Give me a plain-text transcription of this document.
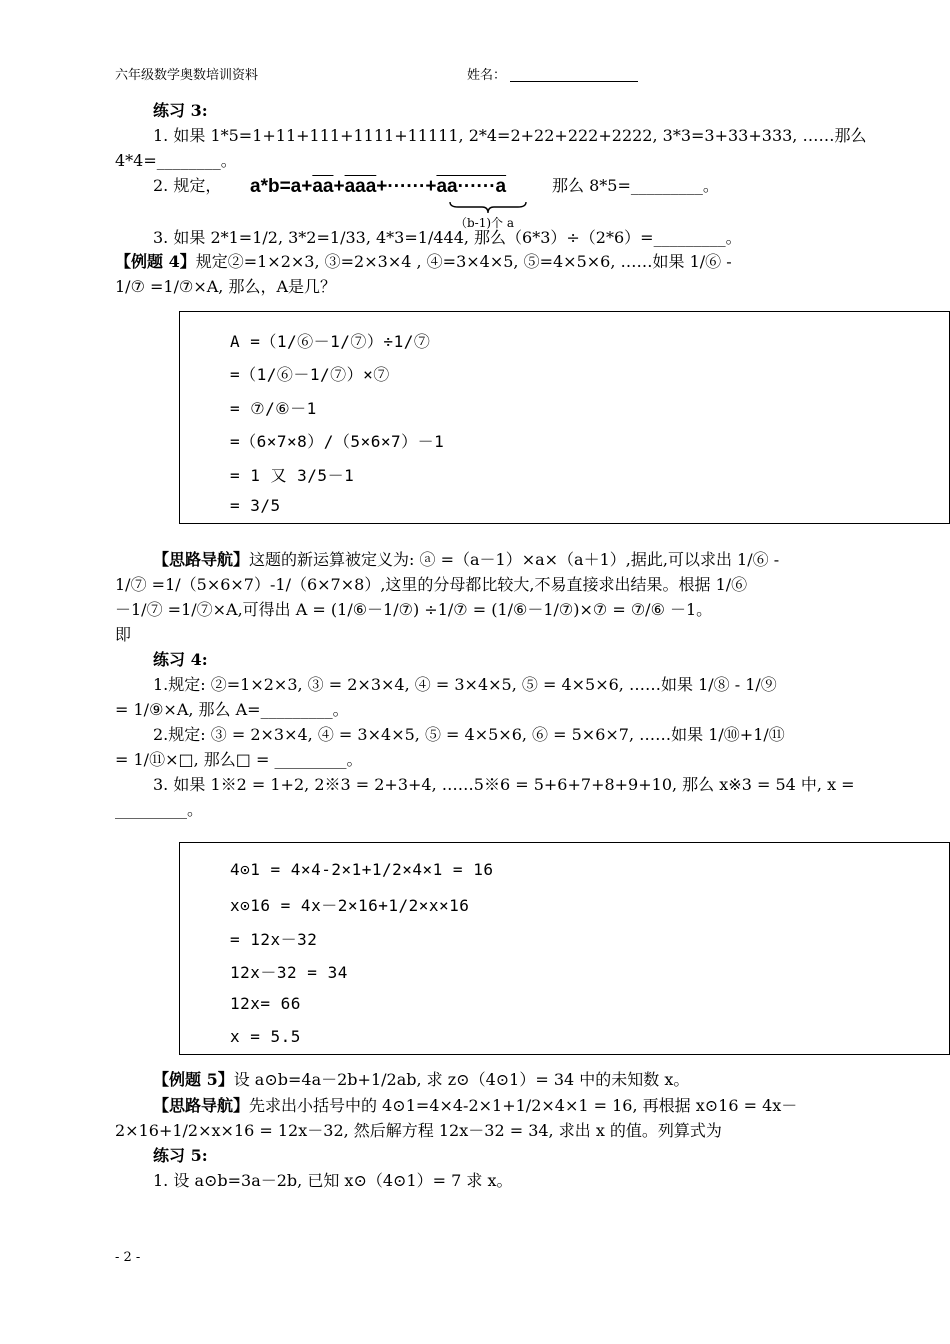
六年级数学奥数培训资料	姓名：
练习 3:
1. 如果 1*5=1+11+111+1111+11111, 2*4=2+22+222+2222, 3*3=3+33+333, ……那么
4*4=________。
2. 规定， $a*b=a+\overline{aa}+\overline{aaa}+\cdot\cdot\cdot\cdot\cdot\cdot+aa\cdot\cdot\cdot\cdot\cdot\cdot a$
（b-1)个 a
那么 8*5=_________。
3. 如果 2*1=1/2, 3*2=1/33, 4*3=1/444, 那么（6*3）÷（2*6）=_________。
【例题 4】规定②=1×2×3, ③=2×3×4 , ④=3×4×5, ⑤=4×5×6, ……如果 1/⑥ -
1/⑦ =1/⑦×A, 那么，A是几？
A =（1/⑥－1/⑦）÷1/⑦
=（1/⑥－1/⑦）×⑦
= ⑦/⑥－1
=（6×7×8）/（5×6×7）－1
= 1 又 3/5－1
= 3/5
【思路导航】这题的新运算被定义为: ⓐ =（a－1）×a×（a＋1）,据此,可以求出 1/⑥ -
1/⑦ =1/（5×6×7）-1/（6×7×8）,这里的分母都比较大,不易直接求出结果。根据 1/⑥
－1/⑦ =1/⑦×A,可得出 A = (1/⑥－1/⑦) ÷1/⑦ = (1/⑥－1/⑦)×⑦ = ⑦/⑥ －1。
即
练习 4:
1.规定: ②=1×2×3, ③ = 2×3×4, ④ = 3×4×5, ⑤ = 4×5×6, ……如果 1/⑧ - 1/⑨
= 1/⑨×A, 那么 A=_________。
2.规定: ③ = 2×3×4, ④ = 3×4×5, ⑤ = 4×5×6, ⑥ = 5×6×7, ……如果 1/⑩+1/⑪
= 1/⑪×□, 那么□ = _________。
3. 如果 1※2 = 1+2, 2※3 = 2+3+4, ……5※6 = 5+6+7+8+9+10, 那么 x※3 = 54 中, x =
_________。
4⊙1 = 4×4-2×1+1/2×4×1 = 16
x⊙16 = 4x－2×16+1/2×x×16
= 12x－32
12x－32 = 34
12x= 66
x = 5.5
【例题 5】设 a⊙b=4a－2b+1/2ab, 求 z⊙（4⊙1）= 34 中的未知数 x。
【思路导航】先求出小括号中的 4⊙1=4×4-2×1+1/2×4×1 = 16, 再根据 x⊙16 = 4x－
2×16+1/2×x×16 = 12x－32, 然后解方程 12x－32 = 34, 求出 x 的值。列算式为
练习 5:
1. 设 a⊙b=3a－2b, 已知 x⊙（4⊙1）= 7 求 x。
- 2 -
